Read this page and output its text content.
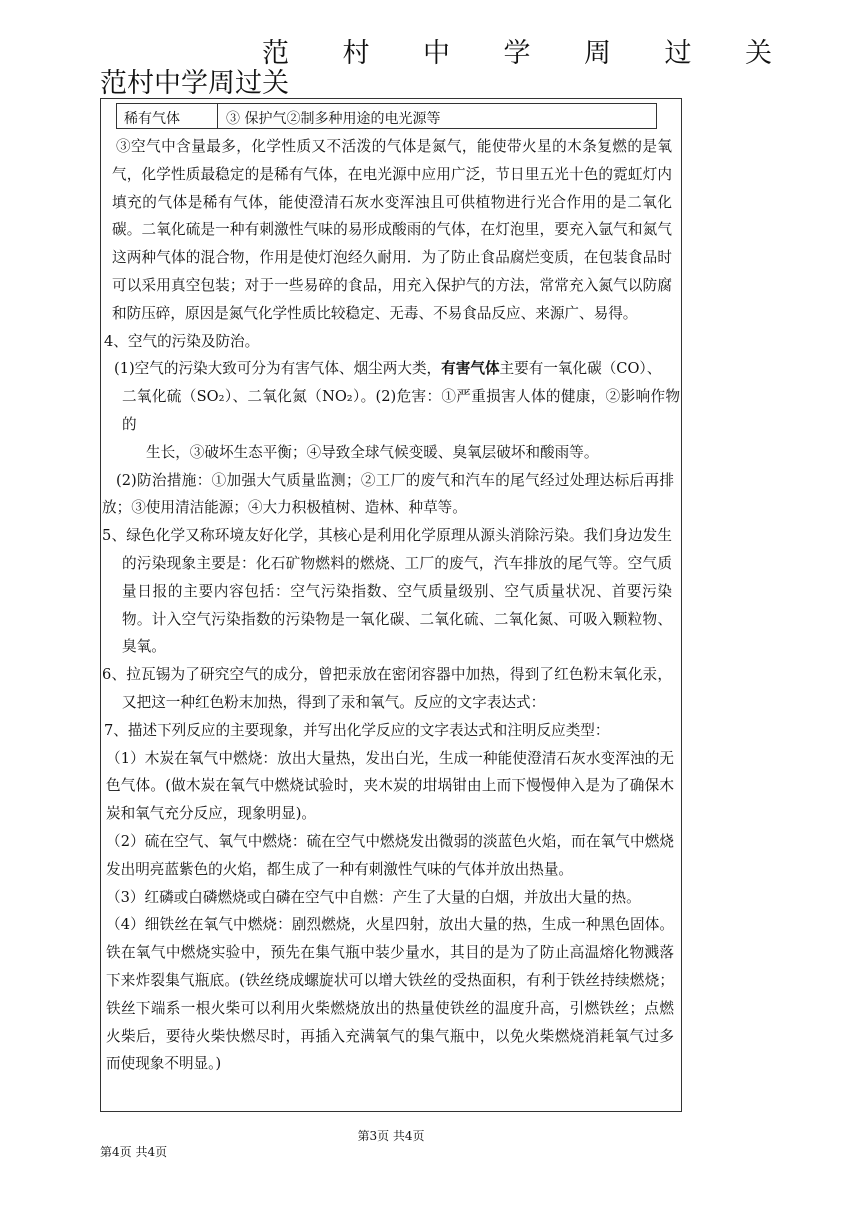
范 村 中 学 周 过 关
范村中学周过关
稀有气体	③ 保护气②制多种用途的电光源等

③空气中含量最多，化学性质又不活泼的气体是氮气，能使带火星的木条复燃的是氧气，化学性质最稳定的是稀有气体，在电光源中应用广泛，节日里五光十色的霓虹灯内填充的气体是稀有气体，能使澄清石灰水变浑浊且可供植物进行光合作用的是二氧化碳。二氧化硫是一种有刺激性气味的易形成酸雨的气体，在灯泡里，要充入氩气和氮气这两种气体的混合物，作用是使灯泡经久耐用．为了防止食品腐烂变质，在包装食品时可以采用真空包装；对于一些易碎的食品，用充入保护气的方法，常常充入氮气以防腐和防压碎，原因是氮气化学性质比较稳定、无毒、不易食品反应、来源广、易得。

4、空气的污染及防治。

(1)空气的污染大致可分为有害气体、烟尘两大类，有害气体主要有一氧化碳（CO）、

二氧化硫（SO₂）、二氧化氮（NO₂）。(2)危害：①严重损害人体的健康，②影响作物的

生长，③破坏生态平衡；④导致全球气候变暖、臭氧层破坏和酸雨等。

(2)防治措施：①加强大气质量监测；②工厂的废气和汽车的尾气经过处理达标后再排放；③使用清洁能源；④大力积极植树、造林、种草等。

5、绿色化学又称环境友好化学，其核心是利用化学原理从源头消除污染。我们身边发生的污染现象主要是：化石矿物燃料的燃烧、工厂的废气，汽车排放的尾气等。空气质量日报的主要内容包括：空气污染指数、空气质量级别、空气质量状况、首要污染物。计入空气污染指数的污染物是一氧化碳、二氧化硫、二氧化氮、可吸入颗粒物、臭氧。

6、拉瓦锡为了研究空气的成分，曾把汞放在密闭容器中加热，得到了红色粉末氧化汞，又把这一种红色粉末加热，得到了汞和氧气。反应的文字表达式：

7、描述下列反应的主要现象，并写出化学反应的文字表达式和注明反应类型：

（1）木炭在氧气中燃烧：放出大量热，发出白光，生成一种能使澄清石灰水变浑浊的无色气体。(做木炭在氧气中燃烧试验时，夹木炭的坩埚钳由上而下慢慢伸入是为了确保木炭和氧气充分反应，现象明显)。

（2）硫在空气、氧气中燃烧：硫在空气中燃烧发出微弱的淡蓝色火焰，而在氧气中燃烧发出明亮蓝紫色的火焰，都生成了一种有刺激性气味的气体并放出热量。

（3）红磷或白磷燃烧或白磷在空气中自燃：产生了大量的白烟，并放出大量的热。

（4）细铁丝在氧气中燃烧：剧烈燃烧，火星四射，放出大量的热，生成一种黑色固体。铁在氧气中燃烧实验中，预先在集气瓶中装少量水，其目的是为了防止高温熔化物溅落下来炸裂集气瓶底。(铁丝绕成螺旋状可以增大铁丝的受热面积，有利于铁丝持续燃烧；铁丝下端系一根火柴可以利用火柴燃烧放出的热量使铁丝的温度升高，引燃铁丝；点燃火柴后，要待火柴快燃尽时，再插入充满氧气的集气瓶中，以免火柴燃烧消耗氧气过多而使现象不明显。)

第3页 共4页
第4页 共4页
